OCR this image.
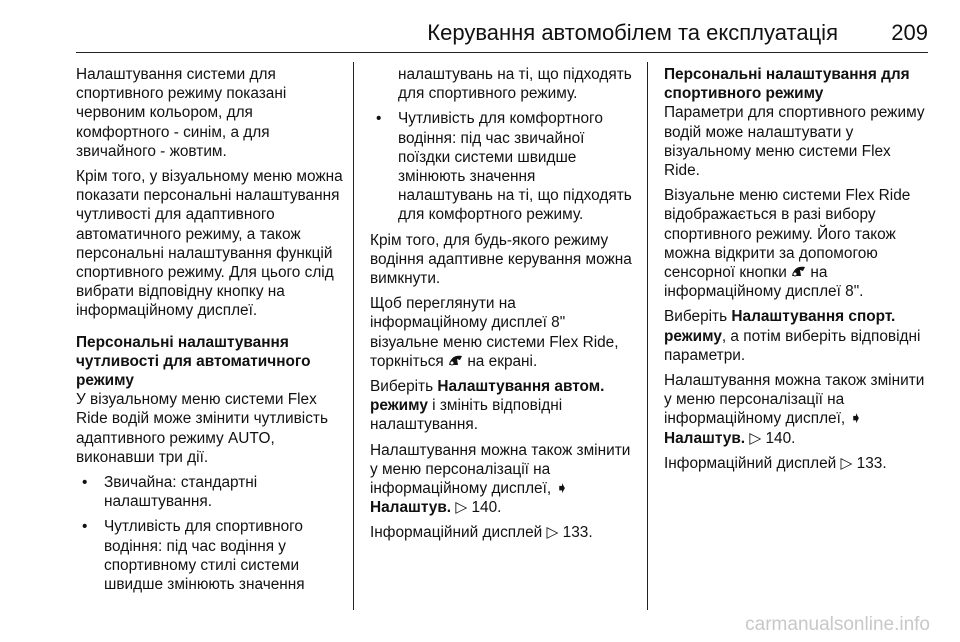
Керування автомобілем та експлуатація 209

Налаштування системи для спортивного режиму показані червоним кольором, для комфортного - синім, а для звичайного - жовтим.

Крім того, у візуальному меню можна показати персональні налаштування чутливості для адаптивного автоматичного режиму, а також персональні налаштування функцій спортивного режиму. Для цього слід вибрати відповідну кнопку на інформаційному дисплеї.

Персональні налаштування чутливості для автоматичного режиму

У візуальному меню системи Flex Ride водій може змінити чутливість адаптивного режиму AUTO, виконавши три дії.

• Звичайна: стандартні налаштування.
• Чутливість для спортивного водіння: під час водіння у спортивному стилі системи швидше змінюють значення
налаштувань на ті, що підходять для спортивного режиму.
• Чутливість для комфортного водіння: під час звичайної поїздки системи швидше змінюють значення налаштувань на ті, що підходять для комфортного режиму.

Крім того, для будь-якого режиму водіння адаптивне керування можна вимкнути.

Щоб переглянути на інформаційному дисплеї 8" візуальне меню системи Flex Ride, торкніться на екрані.

Виберіть Налаштування автом. режиму і змініть відповідні налаштування.

Налаштування можна також змінити у меню персоналізації на інформаційному дисплеї, ➧ Налаштув. ▷ 140.

Інформаційний дисплей ▷ 133.

Персональні налаштування для спортивного режиму

Параметри для спортивного режиму водій може налаштувати у візуальному меню системи Flex Ride.

Візуальне меню системи Flex Ride відображається в разі вибору спортивного режиму. Його також можна відкрити за допомогою сенсорної кнопки на інформаційному дисплеї 8".

Виберіть Налаштування спорт. режиму, а потім виберіть відповідні параметри.

Налаштування можна також змінити у меню персоналізації на інформаційному дисплеї, ➧ Налаштув. ▷ 140.

Інформаційний дисплей ▷ 133.

carmanualsonline.info
